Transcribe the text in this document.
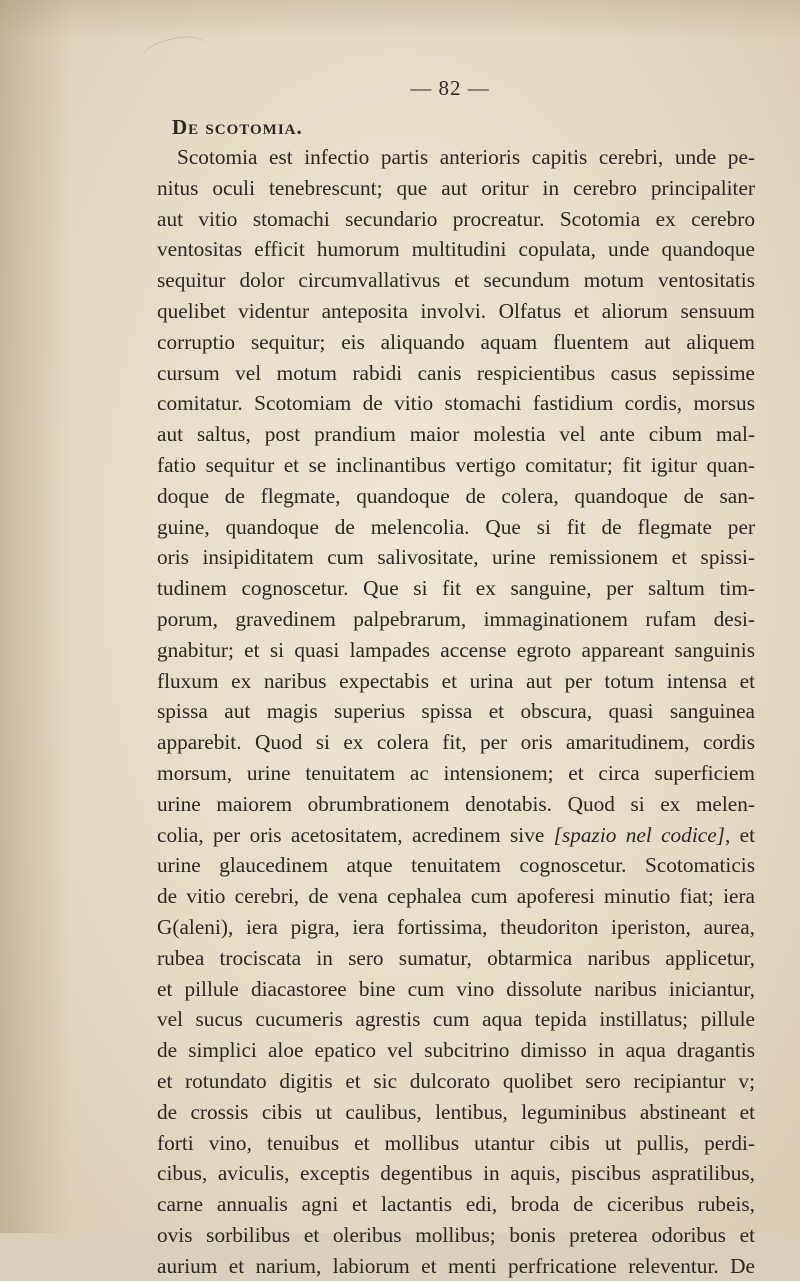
— 82 —
De scotomia.
Scotomia est infectio partis anterioris capitis cerebri, unde pe-
nitus oculi tenebrescunt; que aut oritur in cerebro principaliter
aut vitio stomachi secundario procreatur. Scotomia ex cerebro
ventositas efficit humorum multitudini copulata, unde quandoque
sequitur dolor circumvallativus et secundum motum ventositatis
quelibet videntur anteposita involvi. Olfatus et aliorum sensuum
corruptio sequitur; eis aliquando aquam fluentem aut aliquem
cursum vel motum rabidi canis respicientibus casus sepissime
comitatur. Scotomiam de vitio stomachi fastidium cordis, morsus
aut saltus, post prandium maior molestia vel ante cibum mal-
fatio sequitur et se inclinantibus vertigo comitatur; fit igitur quan-
doque de flegmate, quandoque de colera, quandoque de san-
guine, quandoque de melencolia. Que si fit de flegmate per
oris insipiditatem cum salivositate, urine remissionem et spissi-
tudinem cognoscetur. Que si fit ex sanguine, per saltum tim-
porum, gravedinem palpebrarum, immaginationem rufam desi-
gnabitur; et si quasi lampades accense egroto appareant sanguinis
fluxum ex naribus expectabis et urina aut per totum intensa et
spissa aut magis superius spissa et obscura, quasi sanguinea
apparebit. Quod si ex colera fit, per oris amaritudinem, cordis
morsum, urine tenuitatem ac intensionem; et circa superficiem
urine maiorem obrumbrationem denotabis. Quod si ex melen-
colia, per oris acetositatem, acredinem sive [spazio nel codice], et
urine glaucedinem atque tenuitatem cognoscetur. Scotomaticis
de vitio cerebri, de vena cephalea cum apoferesi minutio fiat; iera
G(aleni), iera pigra, iera fortissima, theudoriton iperiston, aurea,
rubea trociscata in sero sumatur, obtarmica naribus applicetur,
et pillule diacastoree bine cum vino dissolute naribus iniciantur,
vel sucus cucumeris agrestis cum aqua tepida instillatus; pillule
de simplici aloe epatico vel subcitrino dimisso in aqua dragantis
et rotundato digitis et sic dulcorato quolibet sero recipiantur v;
de crossis cibis ut caulibus, lentibus, leguminibus abstineant et
forti vino, tenuibus et mollibus utantur cibis ut pullis, perdi-
cibus, aviculis, exceptis degentibus in aquis, piscibus aspratilibus,
carne annualis agni et lactantis edi, broda de ciceribus rubeis,
ovis sorbilibus et oleribus mollibus; bonis preterea odoribus et
aurium et narium, labiorum et menti perfricatione releventur. De
